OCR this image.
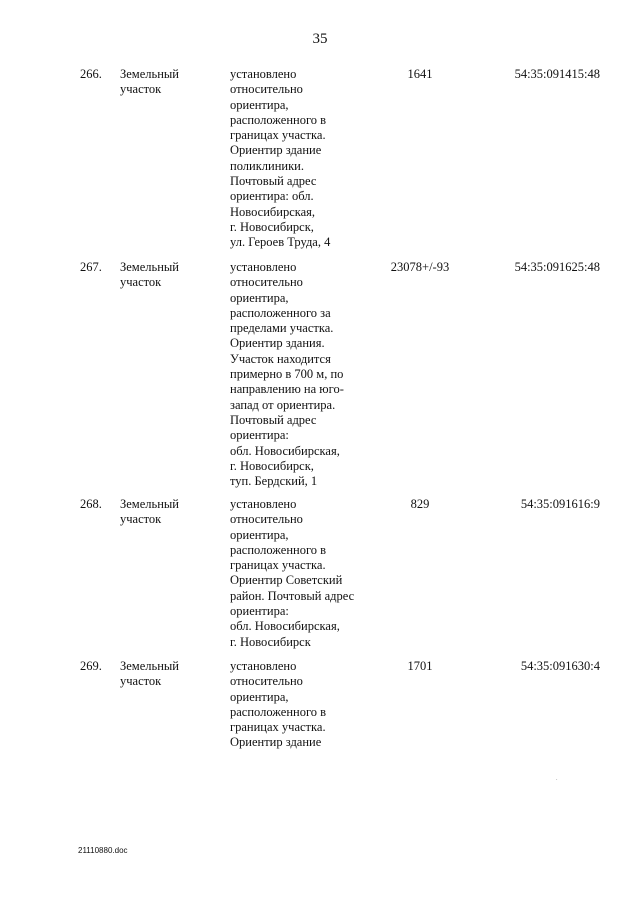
35
266.	Земельный участок
установлено
относительно
ориентира,
расположенного в
границах участка.
Ориентир здание
поликлиники.
Почтовый адрес
ориентира: обл.
Новосибирская,
г. Новосибирск,
ул. Героев Труда, 4
1641	54:35:091415:48
267.	Земельный участок
установлено
относительно
ориентира,
расположенного за
пределами участка.
Ориентир здания.
Участок находится
примерно в 700 м, по
направлению на юго-
запад от ориентира.
Почтовый адрес
ориентира:
обл. Новосибирская,
г. Новосибирск,
туп. Бердский, 1
23078+/-93	54:35:091625:48
268.	Земельный участок
установлено
относительно
ориентира,
расположенного в
границах участка.
Ориентир Советский
район. Почтовый адрес
ориентира:
обл. Новосибирская,
г. Новосибирск
829	54:35:091616:9
269.	Земельный участок
установлено
относительно
ориентира,
расположенного в
границах участка.
Ориентир здание
1701	54:35:091630:4
.
21110880.doc
